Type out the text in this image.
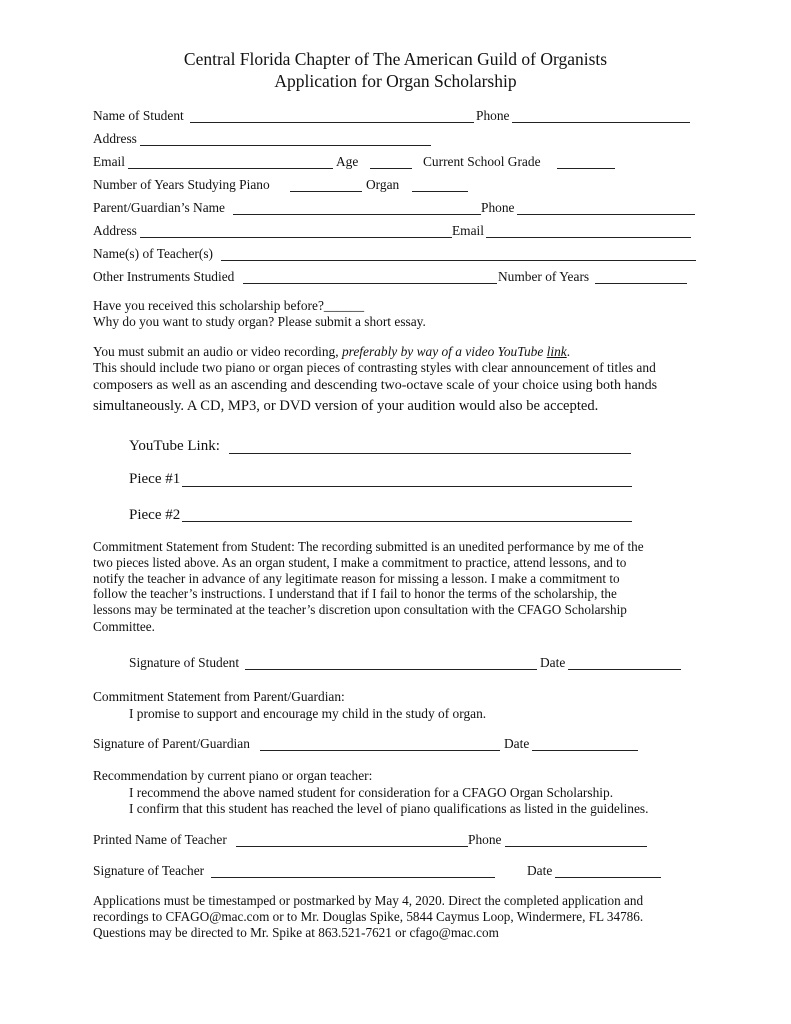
Central Florida Chapter of The American Guild of Organists
Application for Organ Scholarship
Name of Student	Phone
Address
Email	Age	Current School Grade
Number of Years Studying Piano	Organ
Parent/Guardian’s Name	Phone
Address	Email
Name(s) of Teacher(s)
Other Instruments Studied	Number of Years
Have you received this scholarship before?______
Why do you want to study organ? Please submit a short essay.
You must submit an audio or video recording, preferably by way of a video YouTube link.
This should include two piano or organ pieces of contrasting styles with clear announcement of titles and
composers as well as an ascending and descending two-octave scale of your choice using both hands
simultaneously. A CD, MP3, or DVD version of your audition would also be accepted.
YouTube Link:
Piece #1
Piece #2
Commitment Statement from Student: The recording submitted is an unedited performance by me of the
two pieces listed above. As an organ student, I make a commitment to practice, attend lessons, and to
notify the teacher in advance of any legitimate reason for missing a lesson. I make a commitment to
follow the teacher’s instructions. I understand that if I fail to honor the terms of the scholarship, the
lessons may be terminated at the teacher’s discretion upon consultation with the CFAGO Scholarship
Committee.
Signature of Student	Date
Commitment Statement from Parent/Guardian:
I promise to support and encourage my child in the study of organ.
Signature of Parent/Guardian	Date
Recommendation by current piano or organ teacher:
I recommend the above named student for consideration for a CFAGO Organ Scholarship.
I confirm that this student has reached the level of piano qualifications as listed in the guidelines.
Printed Name of Teacher	Phone
Signature of Teacher	Date
Applications must be timestamped or postmarked by May 4, 2020. Direct the completed application and
recordings to CFAGO@mac.com or to Mr. Douglas Spike, 5844 Caymus Loop, Windermere, FL 34786.
Questions may be directed to Mr. Spike at 863.521-7621 or cfago@mac.com
